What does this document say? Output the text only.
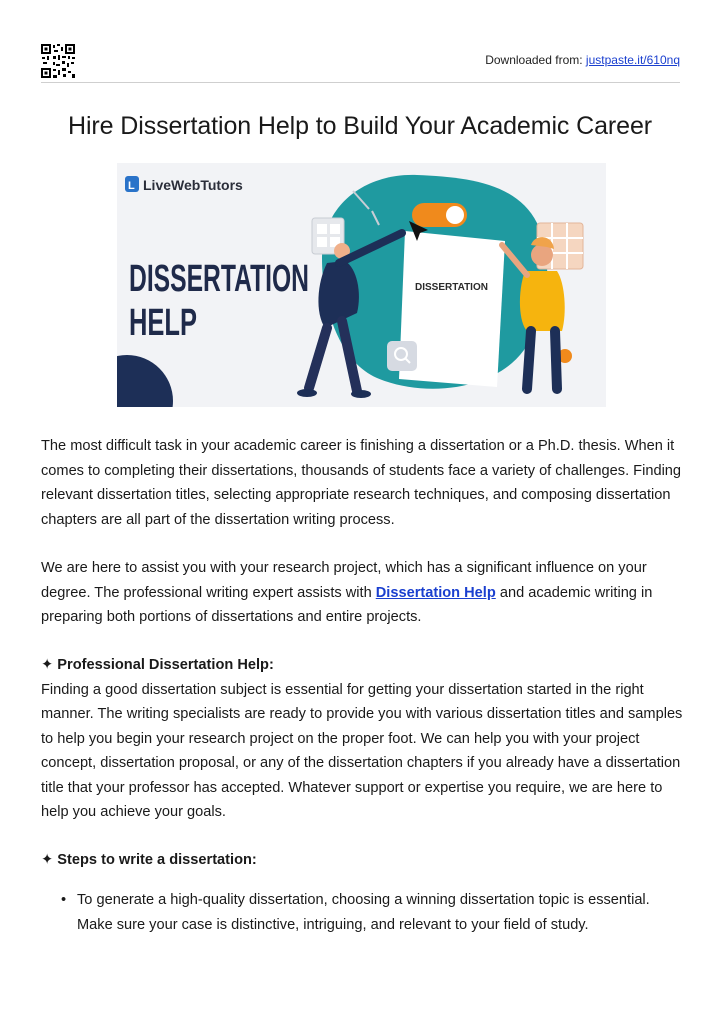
Downloaded from: justpaste.it/610nq
Hire Dissertation Help to Build Your Academic Career
DISSERTATION
L LiveWebTutors
DISSERTATION
HELP

The most difficult task in your academic career is finishing a dissertation or a Ph.D. thesis. When it comes to completing their dissertations, thousands of students face a variety of challenges. Finding relevant dissertation titles, selecting appropriate research techniques, and composing dissertation chapters are all part of the dissertation writing process.

We are here to assist you with your research project, which has a significant influence on your degree. The professional writing expert assists with Dissertation Help and academic writing in preparing both portions of dissertations and entire projects.

✦ Professional Dissertation Help:
Finding a good dissertation subject is essential for getting your dissertation started in the right manner. The writing specialists are ready to provide you with various dissertation titles and samples to help you begin your research project on the proper foot. We can help you with your project concept, dissertation proposal, or any of the dissertation chapters if you already have a dissertation title that your professor has accepted. Whatever support or expertise you require, we are here to help you achieve your goals.
✦ Steps to write a dissertation:
• To generate a high-quality dissertation, choosing a winning dissertation topic is essential. Make sure your case is distinctive, intriguing, and relevant to your field of study.
